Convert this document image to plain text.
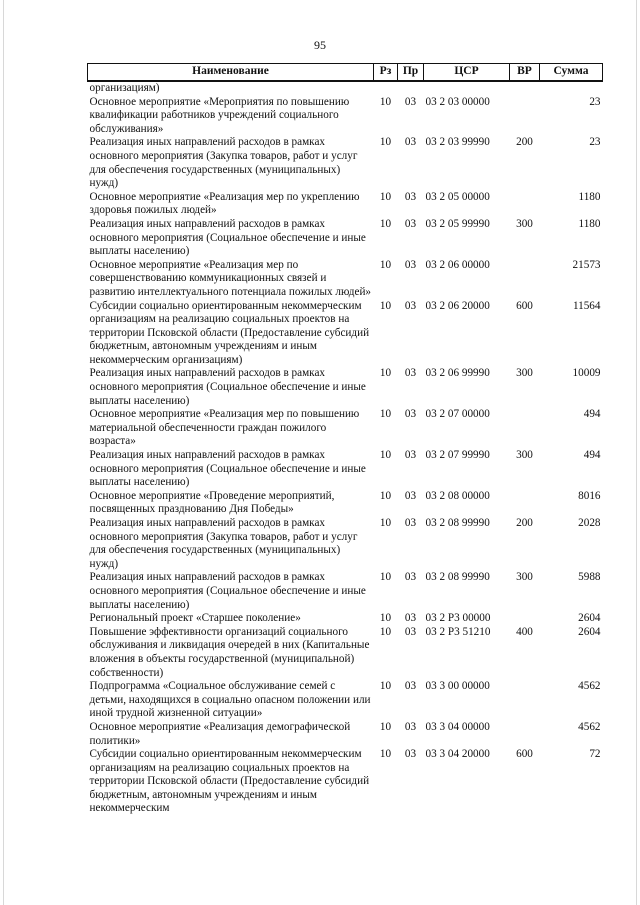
95
Наименование	Рз	Пр	ЦСР	ВР	Сумма
организациям)					
Основное мероприятие «Мероприятия по повышению квалификации работников учреждений социального обслуживания»	10	03	03 2 03 00000		23
Реализация иных направлений расходов в рамках основного мероприятия (Закупка товаров, работ и услуг для обеспечения государственных (муниципальных) нужд)	10	03	03 2 03 99990	200	23
Основное мероприятие «Реализация мер по укреплению здоровья пожилых людей»	10	03	03 2 05 00000		1180
Реализация иных направлений расходов в рамках основного мероприятия (Социальное обеспечение и иные выплаты населению)	10	03	03 2 05 99990	300	1180
Основное мероприятие «Реализация мер по совершенствованию коммуникационных связей и развитию интеллектуального потенциала пожилых людей»	10	03	03 2 06 00000		21573
Субсидии социально ориентированным некоммерческим организациям на реализацию социальных проектов на территории Псковской области (Предоставление субсидий бюджетным, автономным учреждениям и иным некоммерческим организациям)	10	03	03 2 06 20000	600	11564
Реализация иных направлений расходов в рамках основного мероприятия (Социальное обеспечение и иные выплаты населению)	10	03	03 2 06 99990	300	10009
Основное мероприятие «Реализация мер по повышению материальной обеспеченности граждан пожилого возраста»	10	03	03 2 07 00000		494
Реализация иных направлений расходов в рамках основного мероприятия (Социальное обеспечение и иные выплаты населению)	10	03	03 2 07 99990	300	494
Основное мероприятие «Проведение мероприятий, посвященных празднованию Дня Победы»	10	03	03 2 08 00000		8016
Реализация иных направлений расходов в рамках основного мероприятия (Закупка товаров, работ и услуг для обеспечения государственных (муниципальных) нужд)	10	03	03 2 08 99990	200	2028
Реализация иных направлений расходов в рамках основного мероприятия (Социальное обеспечение и иные выплаты населению)	10	03	03 2 08 99990	300	5988
Региональный проект «Старшее поколение»	10	03	03 2 P3 00000		2604
Повышение эффективности организаций социального обслуживания и ликвидация очередей в них (Капитальные вложения в объекты государственной (муниципальной) собственности)	10	03	03 2 P3 51210	400	2604
Подпрограмма «Социальное обслуживание семей с детьми, находящихся в социально опасном положении или иной трудной жизненной ситуации»	10	03	03 3 00 00000		4562
Основное мероприятие «Реализация демографической политики»	10	03	03 3 04 00000		4562
Субсидии социально ориентированным некоммерческим организациям на реализацию социальных проектов на территории Псковской области (Предоставление субсидий бюджетным, автономным учреждениям и иным некоммерческим	10	03	03 3 04 20000	600	72
